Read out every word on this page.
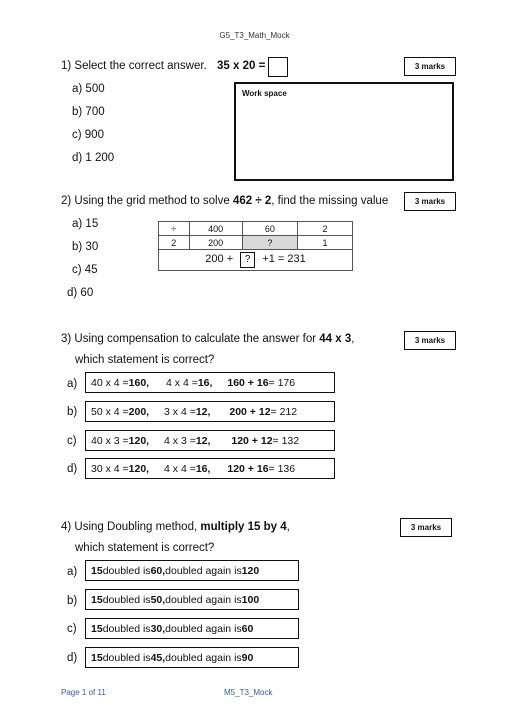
G5_T3_Math_Mock
1) Select the correct answer. 35 x 20 =	3 marks
a) 500
b) 700
c) 900
d) 1 200
Work space
2) Using the grid method to solve 462 ÷ 2, find the missing value	3 marks
a) 15
b) 30
c) 45
d) 60
÷	400	60	2
2	200	?	1
200 + ? +1 = 231			
3) Using compensation to calculate the answer for 44 x 3,	3 marks
which statement is correct?
a)	40 x 4 =160, 4 x 4 =16, 160 + 16= 176
b)	50 x 4 =200, 3 x 4 =12, 200 + 12= 212
c)	40 x 3 =120, 4 x 3 =12, 120 + 12= 132
d)	30 x 4 =120, 4 x 4 =16, 120 + 16= 136
4) Using Doubling method, multiply 15 by 4,	3 marks
which statement is correct?
a)	15doubled is60,doubled again is120
b)	15doubled is50,doubled again is100
c)	15doubled is30,doubled again is60
d)	15doubled is45,doubled again is90
Page 1 of 11	M5_T3_Mock
